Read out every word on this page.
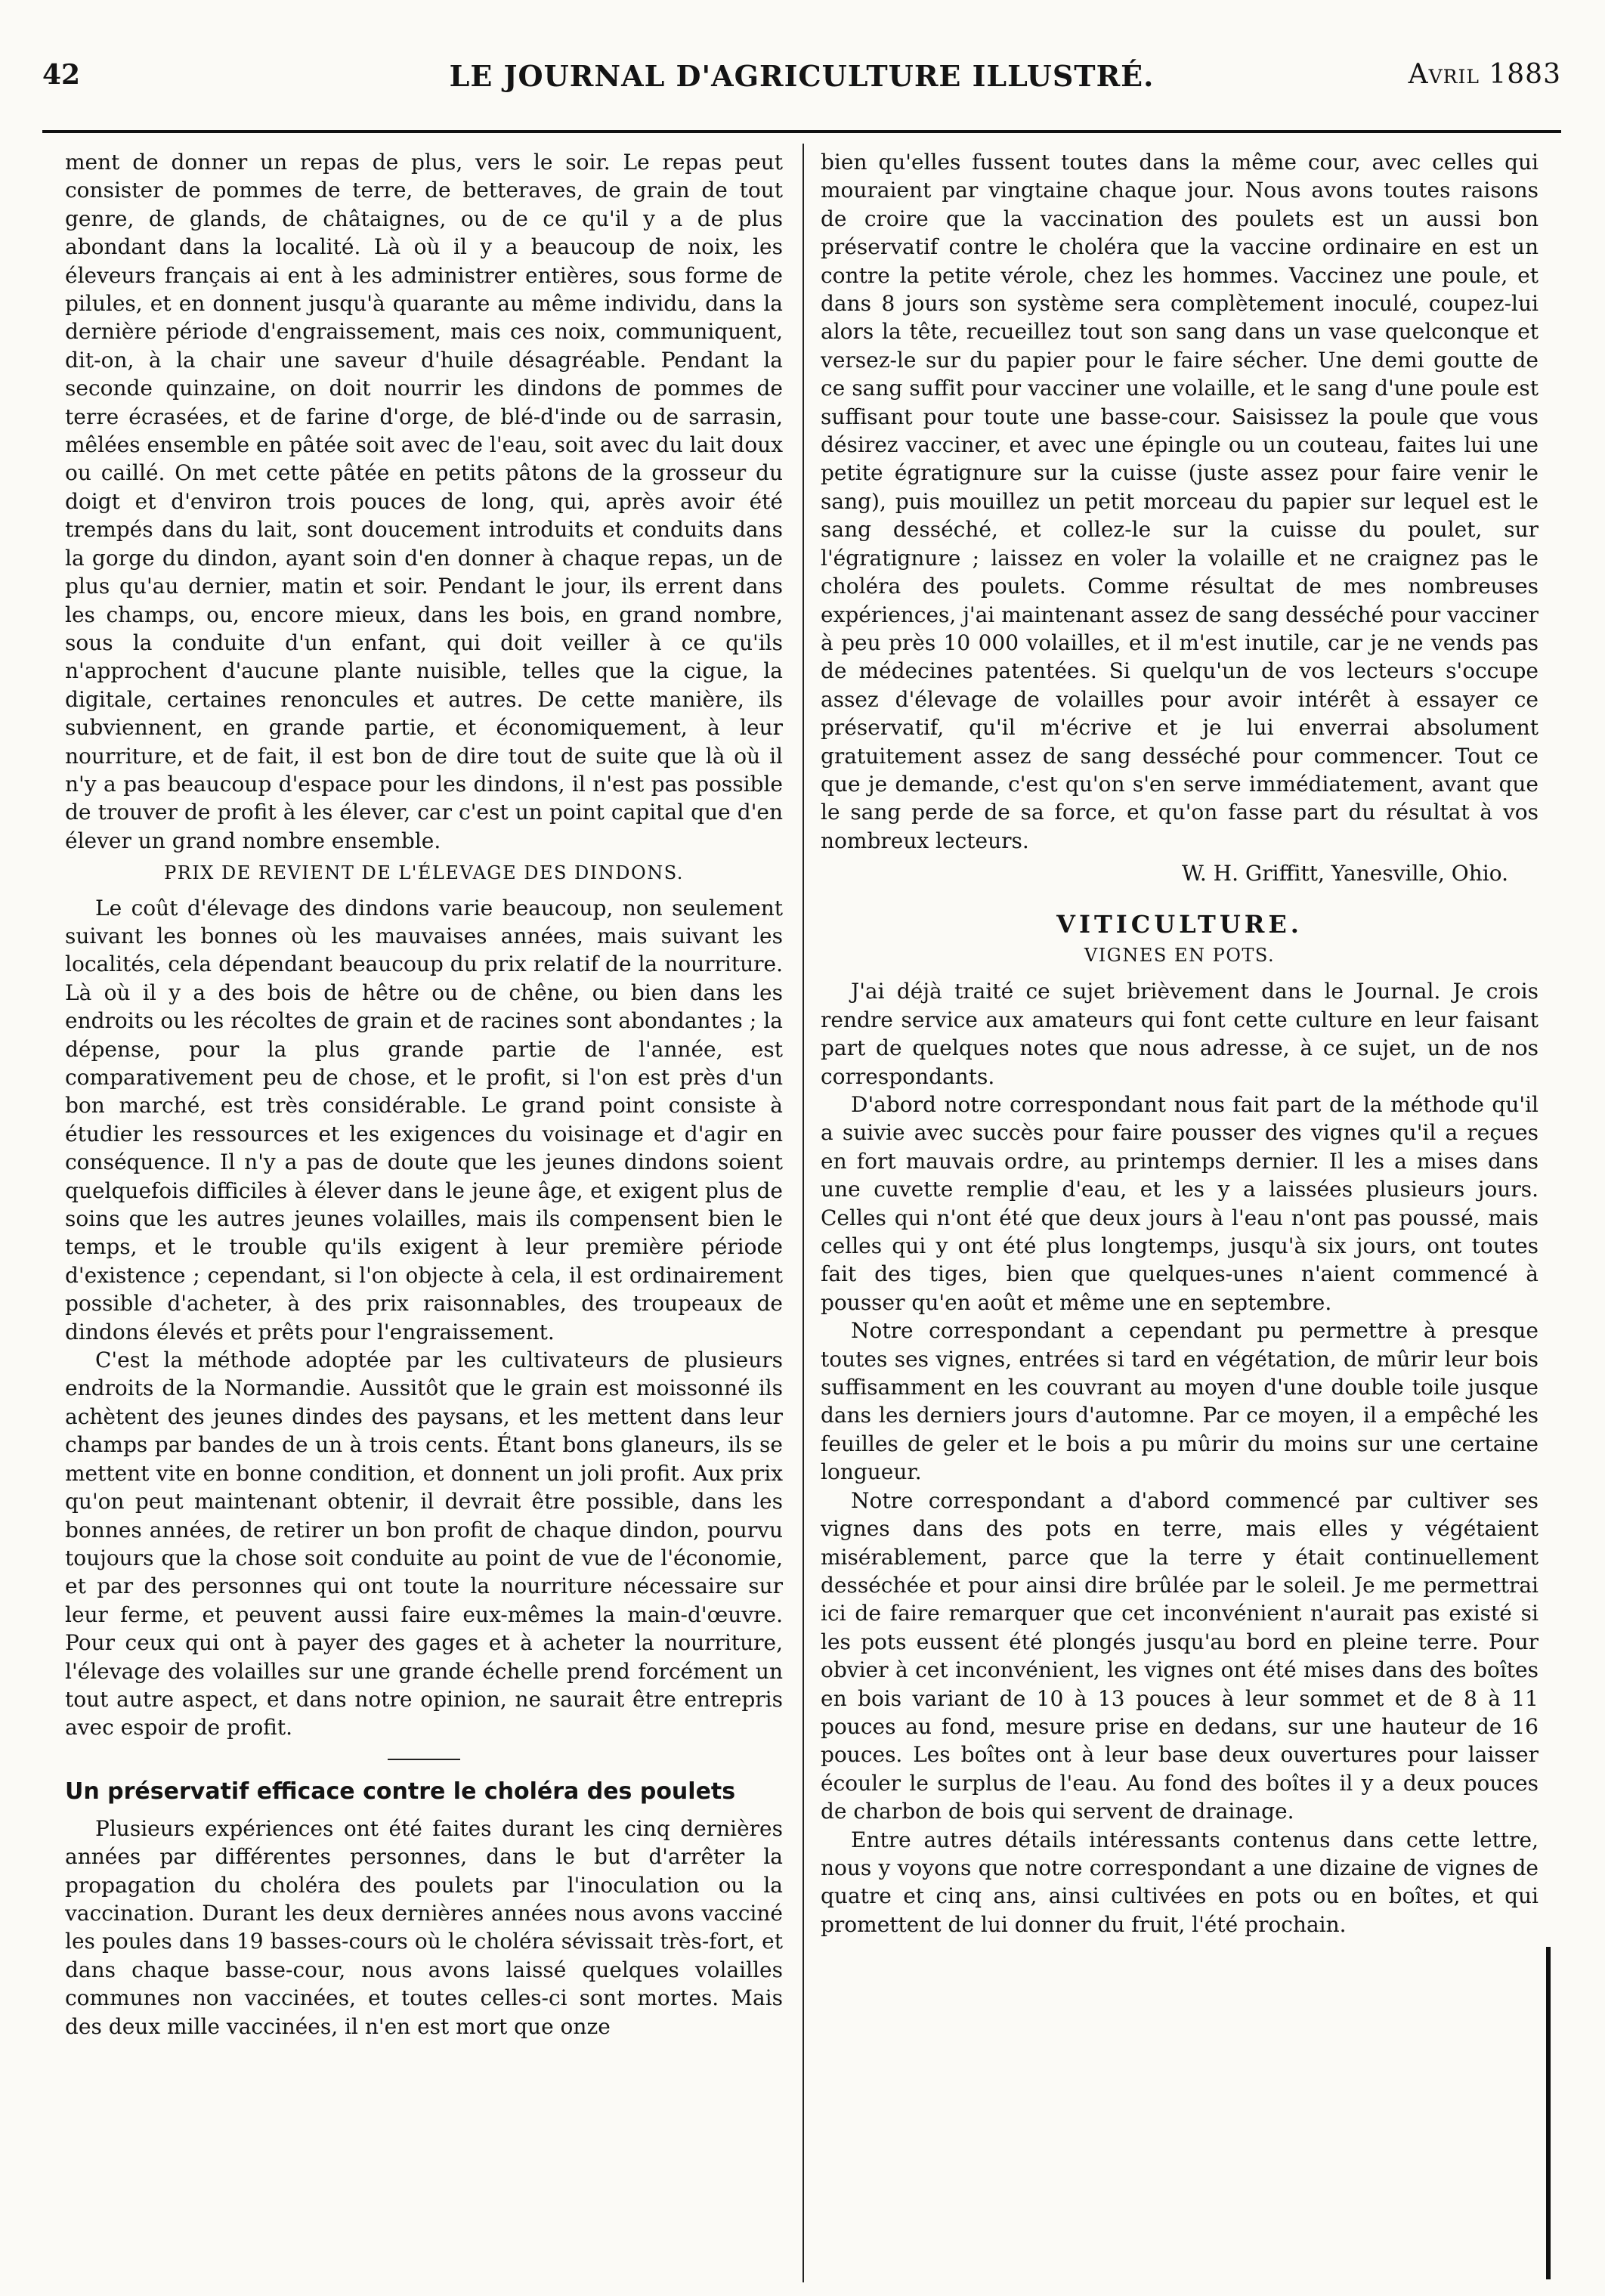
LE JOURNAL D'AGRICULTURE ILLUSTRÉ.
42	Avril 1883

ment de donner un repas de plus, vers le soir. Le repas peut consister de pommes de terre, de betteraves, de grain de tout genre, de glands, de châtaignes, ou de ce qu'il y a de plus abondant dans la localité. Là où il y a beaucoup de noix, les éleveurs français ai ent à les administrer entières, sous forme de pilules, et en donnent jusqu'à quarante au même individu, dans la dernière période d'engraissement, mais ces noix, communiquent, dit-on, à la chair une saveur d'huile désagréable. Pendant la seconde quinzaine, on doit nourrir les dindons de pommes de terre écrasées, et de farine d'orge, de blé-d'inde ou de sarrasin, mêlées ensemble en pâtée soit avec de l'eau, soit avec du lait doux ou caillé. On met cette pâtée en petits pâtons de la grosseur du doigt et d'environ trois pouces de long, qui, après avoir été trempés dans du lait, sont doucement introduits et conduits dans la gorge du dindon, ayant soin d'en donner à chaque repas, un de plus qu'au dernier, matin et soir. Pendant le jour, ils errent dans les champs, ou, encore mieux, dans les bois, en grand nombre, sous la conduite d'un enfant, qui doit veiller à ce qu'ils n'approchent d'aucune plante nuisible, telles que la cigue, la digitale, certaines renoncules et autres. De cette manière, ils subviennent, en grande partie, et économiquement, à leur nourriture, et de fait, il est bon de dire tout de suite que là où il n'y a pas beaucoup d'espace pour les dindons, il n'est pas possible de trouver de profit à les élever, car c'est un point capital que d'en élever un grand nombre ensemble.

PRIX DE REVIENT DE L'ÉLEVAGE DES DINDONS.

Le coût d'élevage des dindons varie beaucoup, non seulement suivant les bonnes où les mauvaises années, mais suivant les localités, cela dépendant beaucoup du prix relatif de la nourriture. Là où il y a des bois de hêtre ou de chêne, ou bien dans les endroits ou les récoltes de grain et de racines sont abondantes ; la dépense, pour la plus grande partie de l'année, est comparativement peu de chose, et le profit, si l'on est près d'un bon marché, est très considérable. Le grand point consiste à étudier les ressources et les exigences du voisinage et d'agir en conséquence. Il n'y a pas de doute que les jeunes dindons soient quelquefois difficiles à élever dans le jeune âge, et exigent plus de soins que les autres jeunes volailles, mais ils compensent bien le temps, et le trouble qu'ils exigent à leur première période d'existence ; cependant, si l'on objecte à cela, il est ordinairement possible d'acheter, à des prix raisonnables, des troupeaux de dindons élevés et prêts pour l'engraissement.

C'est la méthode adoptée par les cultivateurs de plusieurs endroits de la Normandie. Aussitôt que le grain est moissonné ils achètent des jeunes dindes des paysans, et les mettent dans leur champs par bandes de un à trois cents. Étant bons glaneurs, ils se mettent vite en bonne condition, et donnent un joli profit. Aux prix qu'on peut maintenant obtenir, il devrait être possible, dans les bonnes années, de retirer un bon profit de chaque dindon, pourvu toujours que la chose soit conduite au point de vue de l'économie, et par des personnes qui ont toute la nourriture nécessaire sur leur ferme, et peuvent aussi faire eux-mêmes la main-d'œuvre. Pour ceux qui ont à payer des gages et à acheter la nourriture, l'élevage des volailles sur une grande échelle prend forcément un tout autre aspect, et dans notre opinion, ne saurait être entrepris avec espoir de profit.

Un préservatif efficace contre le choléra des poulets

Plusieurs expériences ont été faites durant les cinq dernières années par différentes personnes, dans le but d'arrêter la propagation du choléra des poulets par l'inoculation ou la vaccination. Durant les deux dernières années nous avons vacciné les poules dans 19 basses-cours où le choléra sévissait très-fort, et dans chaque basse-cour, nous avons laissé quelques volailles communes non vaccinées, et toutes celles-ci sont mortes. Mais des deux mille vaccinées, il n'en est mort que onze

bien qu'elles fussent toutes dans la même cour, avec celles qui mouraient par vingtaine chaque jour. Nous avons toutes raisons de croire que la vaccination des poulets est un aussi bon préservatif contre le choléra que la vaccine ordinaire en est un contre la petite vérole, chez les hommes. Vaccinez une poule, et dans 8 jours son système sera complètement inoculé, coupez-lui alors la tête, recueillez tout son sang dans un vase quelconque et versez-le sur du papier pour le faire sécher. Une demi goutte de ce sang suffit pour vacciner une volaille, et le sang d'une poule est suffisant pour toute une basse-cour. Saisissez la poule que vous désirez vacciner, et avec une épingle ou un couteau, faites lui une petite égratignure sur la cuisse (juste assez pour faire venir le sang), puis mouillez un petit morceau du papier sur lequel est le sang desséché, et collez-le sur la cuisse du poulet, sur l'égratignure ; laissez en voler la volaille et ne craignez pas le choléra des poulets. Comme résultat de mes nombreuses expériences, j'ai maintenant assez de sang desséché pour vacciner à peu près 10 000 volailles, et il m'est inutile, car je ne vends pas de médecines patentées. Si quelqu'un de vos lecteurs s'occupe assez d'élevage de volailles pour avoir intérêt à essayer ce préservatif, qu'il m'écrive et je lui enverrai absolument gratuitement assez de sang desséché pour commencer. Tout ce que je demande, c'est qu'on s'en serve immédiatement, avant que le sang perde de sa force, et qu'on fasse part du résultat à vos nombreux lecteurs.

W. H. Griffitt, Yanesville, Ohio.

VITICULTURE.
VIGNES EN POTS.

J'ai déjà traité ce sujet brièvement dans le Journal. Je crois rendre service aux amateurs qui font cette culture en leur faisant part de quelques notes que nous adresse, à ce sujet, un de nos correspondants.

D'abord notre correspondant nous fait part de la méthode qu'il a suivie avec succès pour faire pousser des vignes qu'il a reçues en fort mauvais ordre, au printemps dernier. Il les a mises dans une cuvette remplie d'eau, et les y a laissées plusieurs jours. Celles qui n'ont été que deux jours à l'eau n'ont pas poussé, mais celles qui y ont été plus longtemps, jusqu'à six jours, ont toutes fait des tiges, bien que quelques-unes n'aient commencé à pousser qu'en août et même une en septembre.

Notre correspondant a cependant pu permettre à presque toutes ses vignes, entrées si tard en végétation, de mûrir leur bois suffisamment en les couvrant au moyen d'une double toile jusque dans les derniers jours d'automne. Par ce moyen, il a empêché les feuilles de geler et le bois a pu mûrir du moins sur une certaine longueur.

Notre correspondant a d'abord commencé par cultiver ses vignes dans des pots en terre, mais elles y végétaient misérablement, parce que la terre y était continuellement desséchée et pour ainsi dire brûlée par le soleil. Je me permettrai ici de faire remarquer que cet inconvénient n'aurait pas existé si les pots eussent été plongés jusqu'au bord en pleine terre. Pour obvier à cet inconvénient, les vignes ont été mises dans des boîtes en bois variant de 10 à 13 pouces à leur sommet et de 8 à 11 pouces au fond, mesure prise en dedans, sur une hauteur de 16 pouces. Les boîtes ont à leur base deux ouvertures pour laisser écouler le surplus de l'eau. Au fond des boîtes il y a deux pouces de charbon de bois qui servent de drainage.

Entre autres détails intéressants contenus dans cette lettre, nous y voyons que notre correspondant a une dizaine de vignes de quatre et cinq ans, ainsi cultivées en pots ou en boîtes, et qui promettent de lui donner du fruit, l'été prochain.
